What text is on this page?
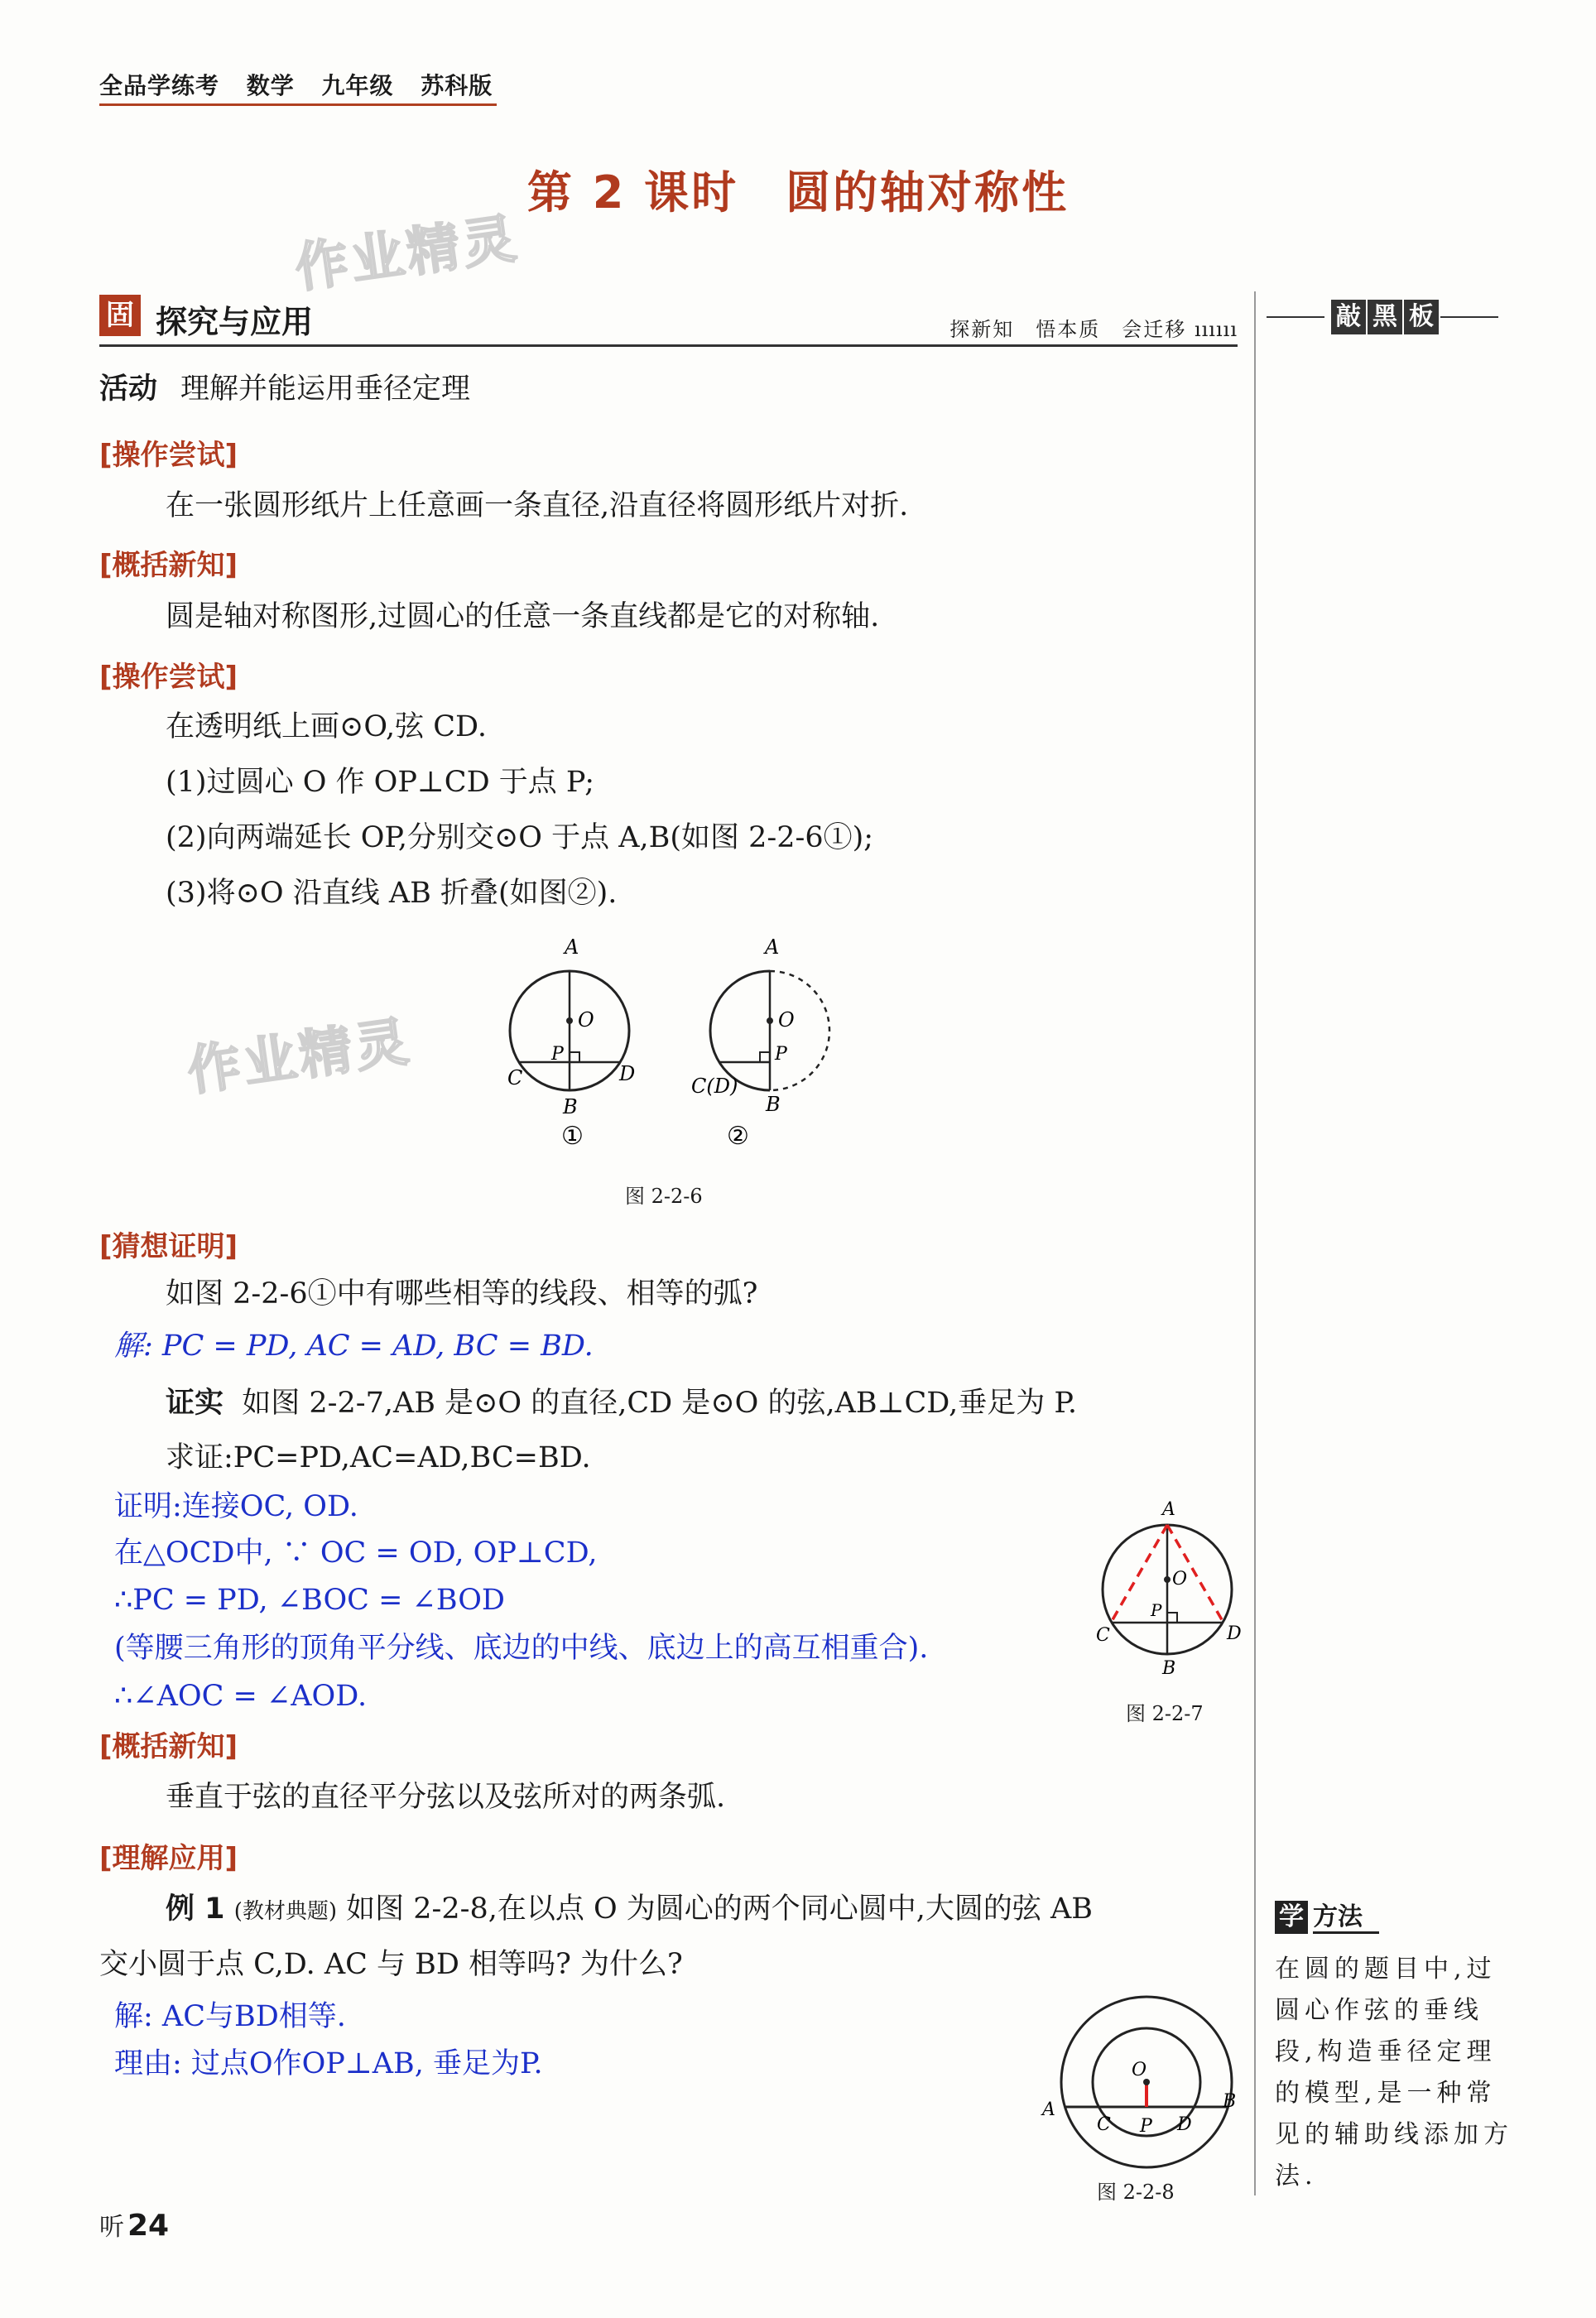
全品学练考 数学 九年级 苏科版
第 2 课时　圆的轴对称性
作业精灵
作业精灵
固 探究与应用	探新知　悟本质　会迁移 ıııııı	敲 黑 板
学 方法
在圆的题目中,过圆心作弦的垂线段,构造垂径定理的模型,是一种常见的辅助线添加方法.
活动 理解并能运用垂径定理
[操作尝试]
在一张圆形纸片上任意画一条直径,沿直径将圆形纸片对折.
[概括新知]
圆是轴对称图形,过圆心的任意一条直线都是它的对称轴.
[操作尝试]
在透明纸上画⊙O,弦 CD.
(1)过圆心 O 作 OP⊥CD 于点 P;
(2)向两端延长 OP,分别交⊙O 于点 A,B(如图 2-2-6①);
(3)将⊙O 沿直线 AB 折叠(如图②).
A
O
P
C	D
B
①
A
O
P
C(D)
B
②
图 2-2-6
[猜想证明]
如图 2-2-6①中有哪些相等的线段、相等的弧?
解: PC = PD, AC = AD, BC = BD.
证实 如图 2-2-7,AB 是⊙O 的直径,CD 是⊙O 的弦,AB⊥CD,垂足为 P.
求证:PC=PD,AC=AD,BC=BD.
证明:连接OC, OD.
在△OCD中, ∵ OC = OD, OP⊥CD,
∴PC = PD, ∠BOC = ∠BOD
(等腰三角形的顶角平分线、底边的中线、底边上的高互相重合).
∴∠AOC = ∠AOD.
A
O
P
C	D
B
图 2-2-7
[概括新知]
垂直于弦的直径平分弦以及弦所对的两条弧.
[理解应用]
例 1 (教材典题) 如图 2-2-8,在以点 O 为圆心的两个同心圆中,大圆的弦 AB
交小圆于点 C,D. AC 与 BD 相等吗? 为什么?
解: AC与BD相等.
理由: 过点O作OP⊥AB, 垂足为P.	O
A
C P D
B
图 2-2-8
听 24
